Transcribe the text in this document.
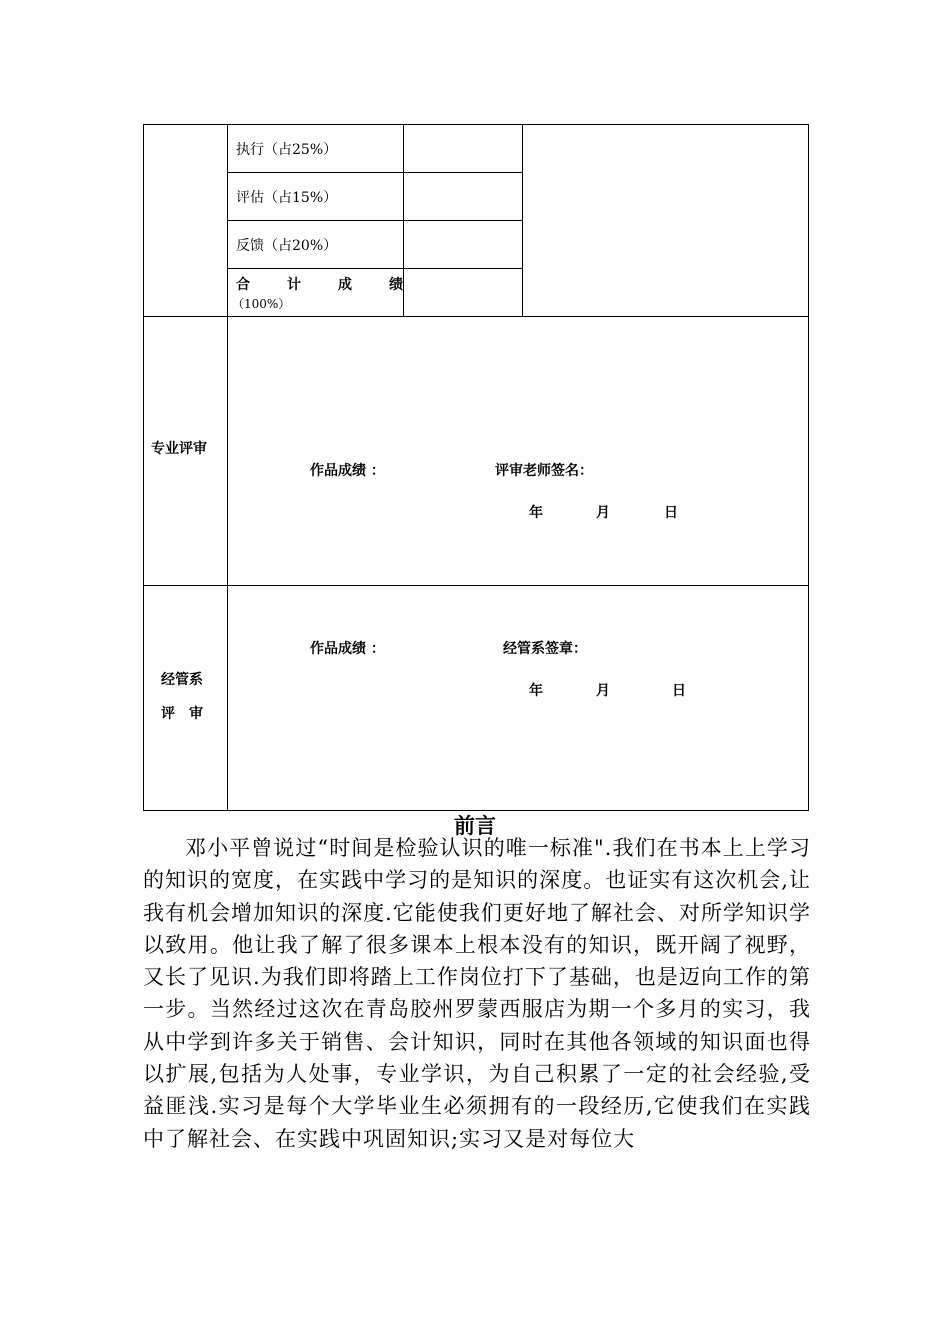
执行（占25%）
评估（占15%）
反馈（占20%）
合　　计　　成　　绩
（100%）
专业评审
作品成绩 ：	评审老师签名：
年	月	日
经管系
评　审
作品成绩 ：	经管系签章：
年	月	日
前言
邓小平曾说过“时间是检验认识的唯一标准".我们在书本上上学习的知识的宽度，在实践中学习的是知识的深度。也证实有这次机会,让我有机会增加知识的深度.它能使我们更好地了解社会、对所学知识学以致用。他让我了解了很多课本上根本没有的知识，既开阔了视野，又长了见识.为我们即将踏上工作岗位打下了基础，也是迈向工作的第一步。当然经过这次在青岛胶州罗蒙西服店为期一个多月的实习，我从中学到许多关于销售、会计知识，同时在其他各领域的知识面也得以扩展,包括为人处事，专业学识，为自己积累了一定的社会经验,受益匪浅.实习是每个大学毕业生必须拥有的一段经历,它使我们在实践中了解社会、在实践中巩固知识;实习又是对每位大
